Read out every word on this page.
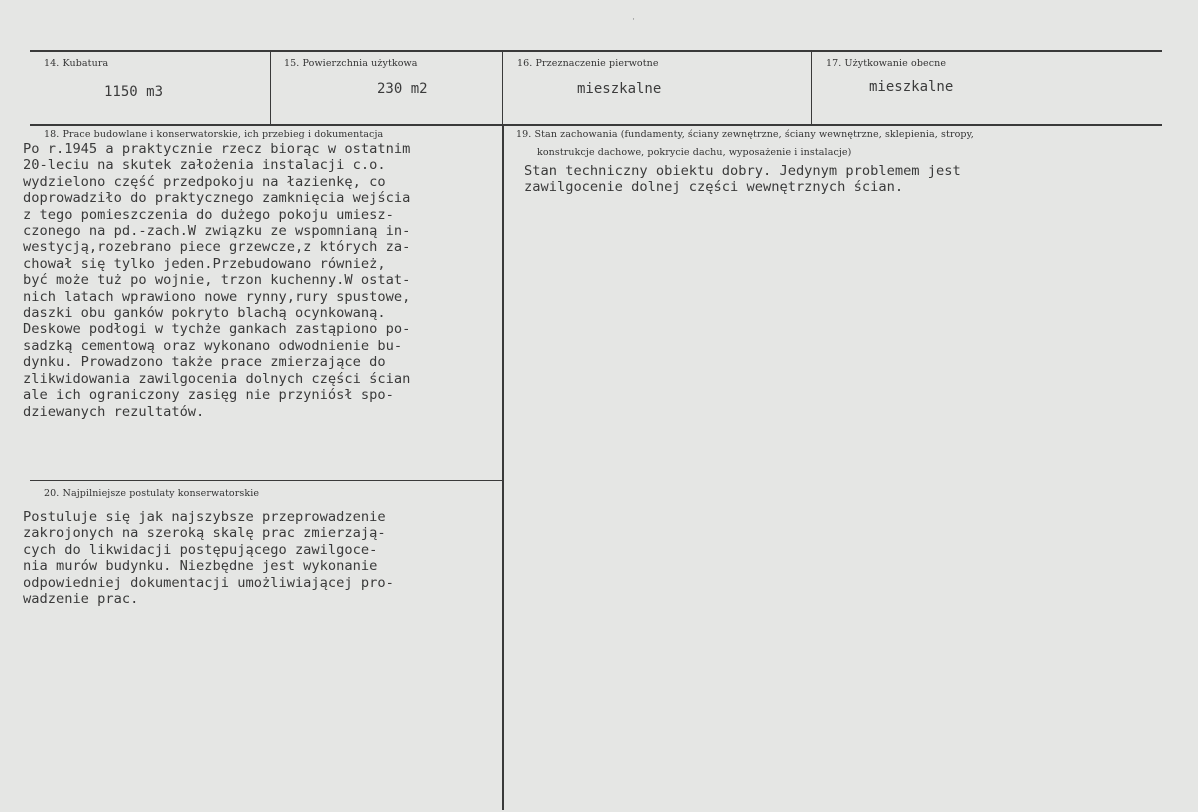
14. Kubatura
1150 m3
15. Powierzchnia użytkowa
230 m2
16. Przeznaczenie pierwotne
mieszkalne
17. Użytkowanie obecne
mieszkalne
18. Prace budowlane i konserwatorskie, ich przebieg i dokumentacja
Po r.1945 a praktycznie rzecz biorąc w ostatnim
20-leciu na skutek założenia instalacji c.o.
wydzielono część przedpokoju na łazienkę, co
doprowadziło do praktycznego zamknięcia wejścia
z tego pomieszczenia do dużego pokoju umiesz-
czonego na pd.-zach.W związku ze wspomnianą in-
westycją,rozebrano piece grzewcze,z których za-
chował się tylko jeden.Przebudowano również,
być może tuż po wojnie, trzon kuchenny.W ostat-
nich latach wprawiono nowe rynny,rury spustowe,
daszki obu ganków pokryto blachą ocynkowaną.
Deskowe podłogi w tychże gankach zastąpiono po-
sadzką cementową oraz wykonano odwodnienie bu-
dynku. Prowadzono także prace zmierzające do
zlikwidowania zawilgocenia dolnych części ścian
ale ich ograniczony zasięg nie przyniósł spo-
dziewanych rezultatów.
19. Stan zachowania (fundamenty, ściany zewnętrzne, ściany wewnętrzne, sklepienia, stropy,
konstrukcje dachowe, pokrycie dachu, wyposażenie i instalacje)
Stan techniczny obiektu dobry. Jedynym problemem jest
zawilgocenie dolnej części wewnętrznych ścian.
20. Najpilniejsze postulaty konserwatorskie
Postuluje się jak najszybsze przeprowadzenie
zakrojonych na szeroką skalę prac zmierzają-
cych do likwidacji postępującego zawilgoce-
nia murów budynku. Niezbędne jest wykonanie
odpowiedniej dokumentacji umożliwiającej pro-
wadzenie prac.
˙
